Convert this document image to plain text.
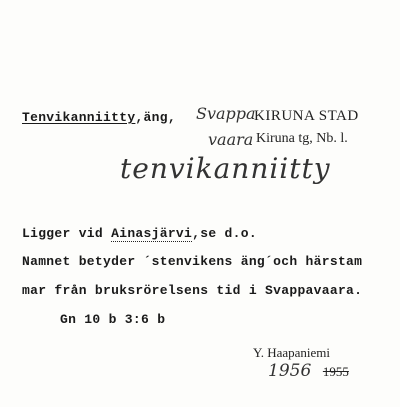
Tenvikanniitty,äng, Svappa
vaara
KIRUNA STAD
Kiruna tg, Nb. l.
tenvikanniitty
Ligger vid Ainasjärvi,se d.o.
Namnet betyder ´stenvikens äng´och härstam
mar från bruksrörelsens tid i Svappavaara.
Gn 10 b 3:6 b
Y. Haapaniemi
1956 1955
